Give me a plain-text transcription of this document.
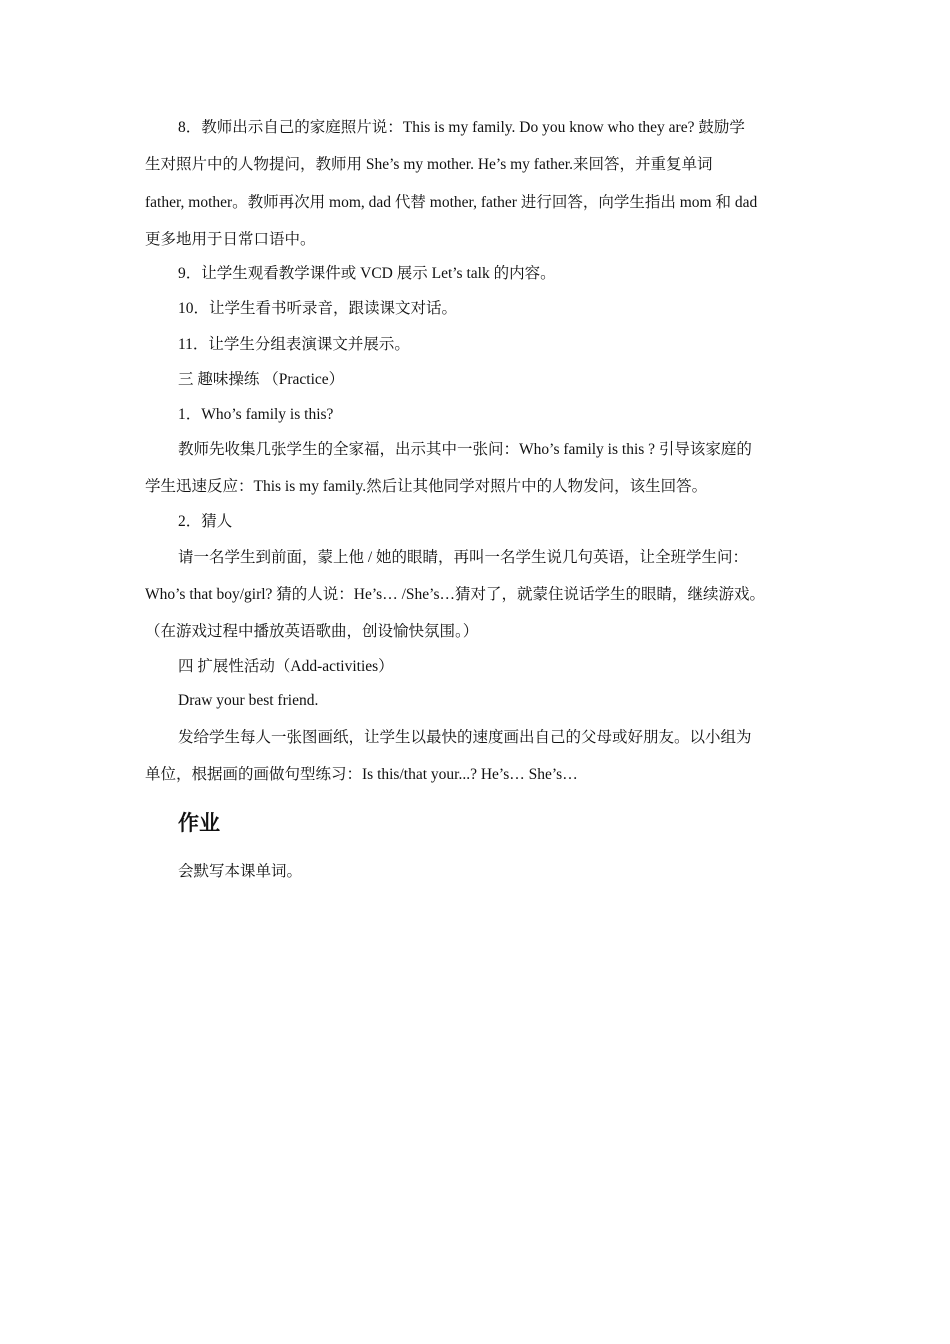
8．教师出示自己的家庭照片说：This is my family. Do you know who they are? 鼓励学
生对照片中的人物提问，教师用 She’s my mother. He’s my father.来回答，并重复单词
father, mother。教师再次用 mom, dad 代替 mother, father 进行回答，向学生指出 mom 和 dad
更多地用于日常口语中。
9．让学生观看教学课件或 VCD 展示 Let’s talk 的内容。
10．让学生看书听录音，跟读课文对话。
11．让学生分组表演课文并展示。
三 趣味操练 （Practice）
1．Who’s family is this?
教师先收集几张学生的全家福，出示其中一张问：Who’s family is this ? 引导该家庭的
学生迅速反应：This is my family.然后让其他同学对照片中的人物发问，该生回答。
2．猜人
请一名学生到前面，蒙上他 / 她的眼睛，再叫一名学生说几句英语，让全班学生问：
Who’s that boy/girl? 猜的人说：He’s… /She’s…猜对了，就蒙住说话学生的眼睛，继续游戏。
（在游戏过程中播放英语歌曲，创设愉快氛围。）
四 扩展性活动（Add-activities）
Draw your best friend.
发给学生每人一张图画纸，让学生以最快的速度画出自己的父母或好朋友。以小组为
单位，根据画的画做句型练习：Is this/that your...? He’s… She’s…
作业
会默写本课单词。
